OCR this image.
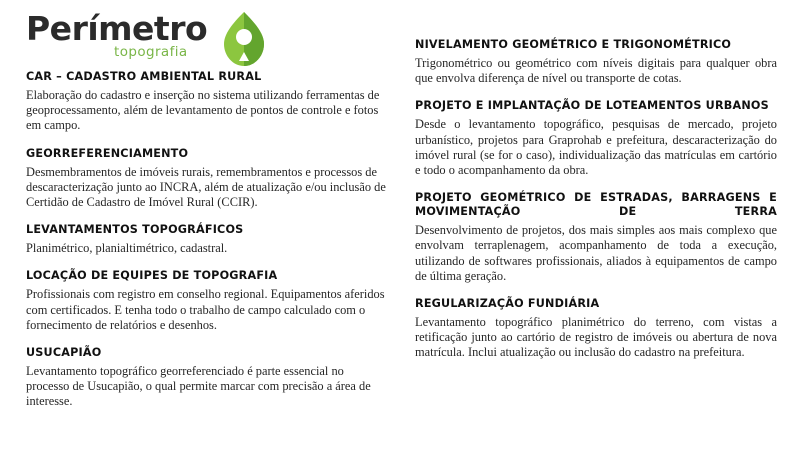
Perímetro
topografia

CAR – CADASTRO AMBIENTAL RURAL

Elaboração do cadastro e inserção no sistema utilizando ferramentas de geoprocessamento, além de levantamento de pontos de controle e fotos em campo.

GEORREFERENCIAMENTO

Desmembramentos de imóveis rurais, remembramentos e processos de descaracterização junto ao INCRA, além de atualização e/ou inclusão de Certidão de Cadastro de Imóvel Rural (CCIR).

LEVANTAMENTOS TOPOGRÁFICOS

Planimétrico, planialtimétrico, cadastral.

LOCAÇÃO DE EQUIPES DE TOPOGRAFIA

Profissionais com registro em conselho regional. Equipamentos aferidos com certificados. E tenha todo o trabalho de campo calculado com o fornecimento de relatórios e desenhos.

USUCAPIÃO

Levantamento topográfico georreferenciado é parte essencial no processo de Usucapião, o qual permite marcar com precisão a área de interesse.

NIVELAMENTO GEOMÉTRICO E TRIGONOMÉTRICO

Trigonométrico ou geométrico com níveis digitais para qualquer obra que envolva diferença de nível ou transporte de cotas.

PROJETO E IMPLANTAÇÃO DE LOTEAMENTOS URBANOS

Desde o levantamento topográfico, pesquisas de mercado, projeto urbanístico, projetos para Graprohab e prefeitura, descaracterização do imóvel rural (se for o caso), individualização das matrículas em cartório e todo o acompanhamento da obra.

PROJETO GEOMÉTRICO DE ESTRADAS, BARRAGENS E MOVIMENTAÇÃO DE TERRA

Desenvolvimento de projetos, dos mais simples aos mais complexo que envolvam terraplenagem, acompanhamento de toda a execução, utilizando de softwares profissionais, aliados à equipamentos de campo de última geração.

REGULARIZAÇÃO FUNDIÁRIA

Levantamento topográfico planimétrico do terreno, com vistas a retificação junto ao cartório de registro de imóveis ou abertura de nova matrícula. Inclui atualização ou inclusão do cadastro na prefeitura.
